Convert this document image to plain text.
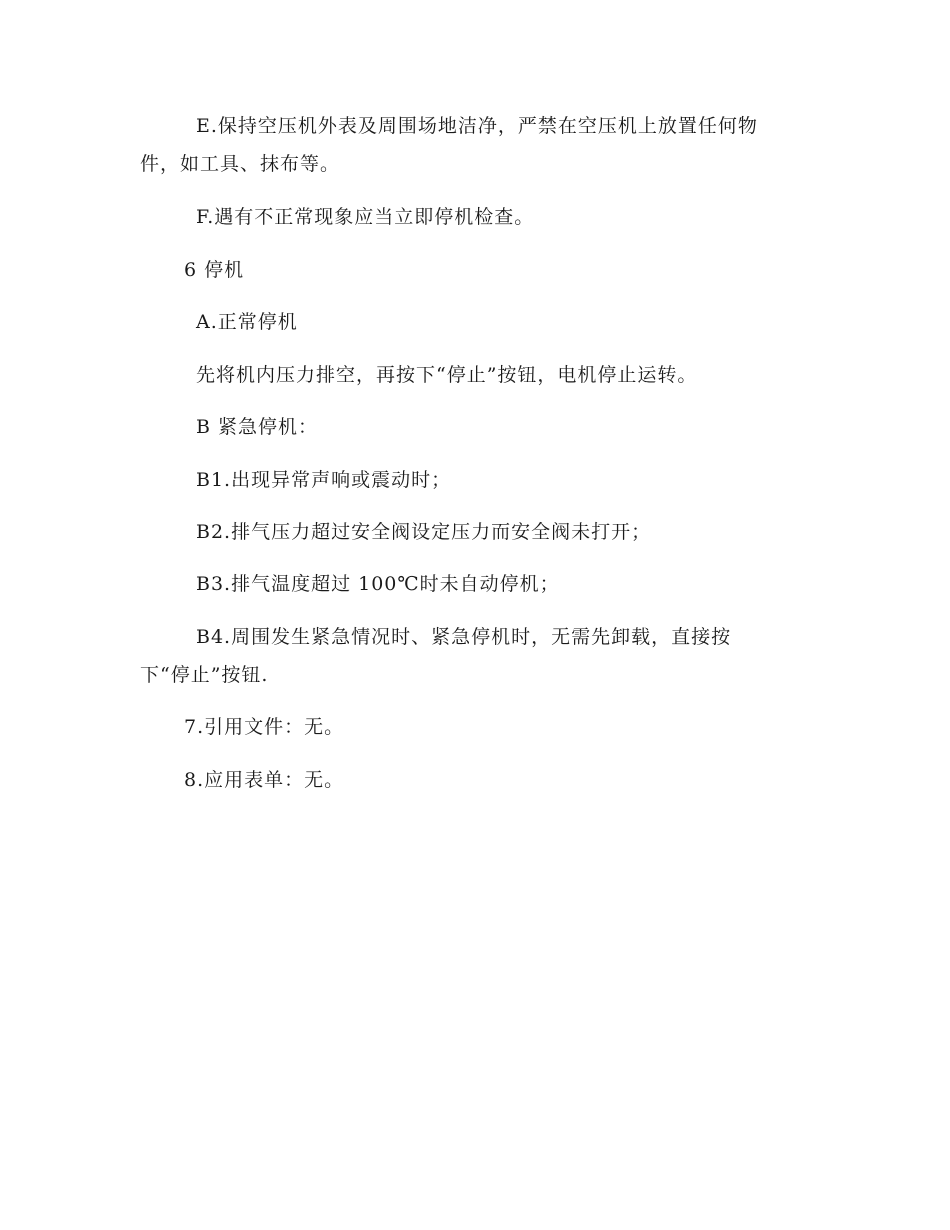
E.保持空压机外表及周围场地洁净，严禁在空压机上放置任何物
件，如工具、抹布等。
F.遇有不正常现象应当立即停机检查。
6 停机
A.正常停机
先将机内压力排空，再按下“停止”按钮，电机停止运转。
B 紧急停机：
B1.出现异常声响或震动时；
B2.排气压力超过安全阀设定压力而安全阀未打开；
B3.排气温度超过 100℃时未自动停机；
B4.周围发生紧急情况时、紧急停机时，无需先卸载，直接按
下“停止”按钮.
7.引用文件：无。
8.应用表单：无。
